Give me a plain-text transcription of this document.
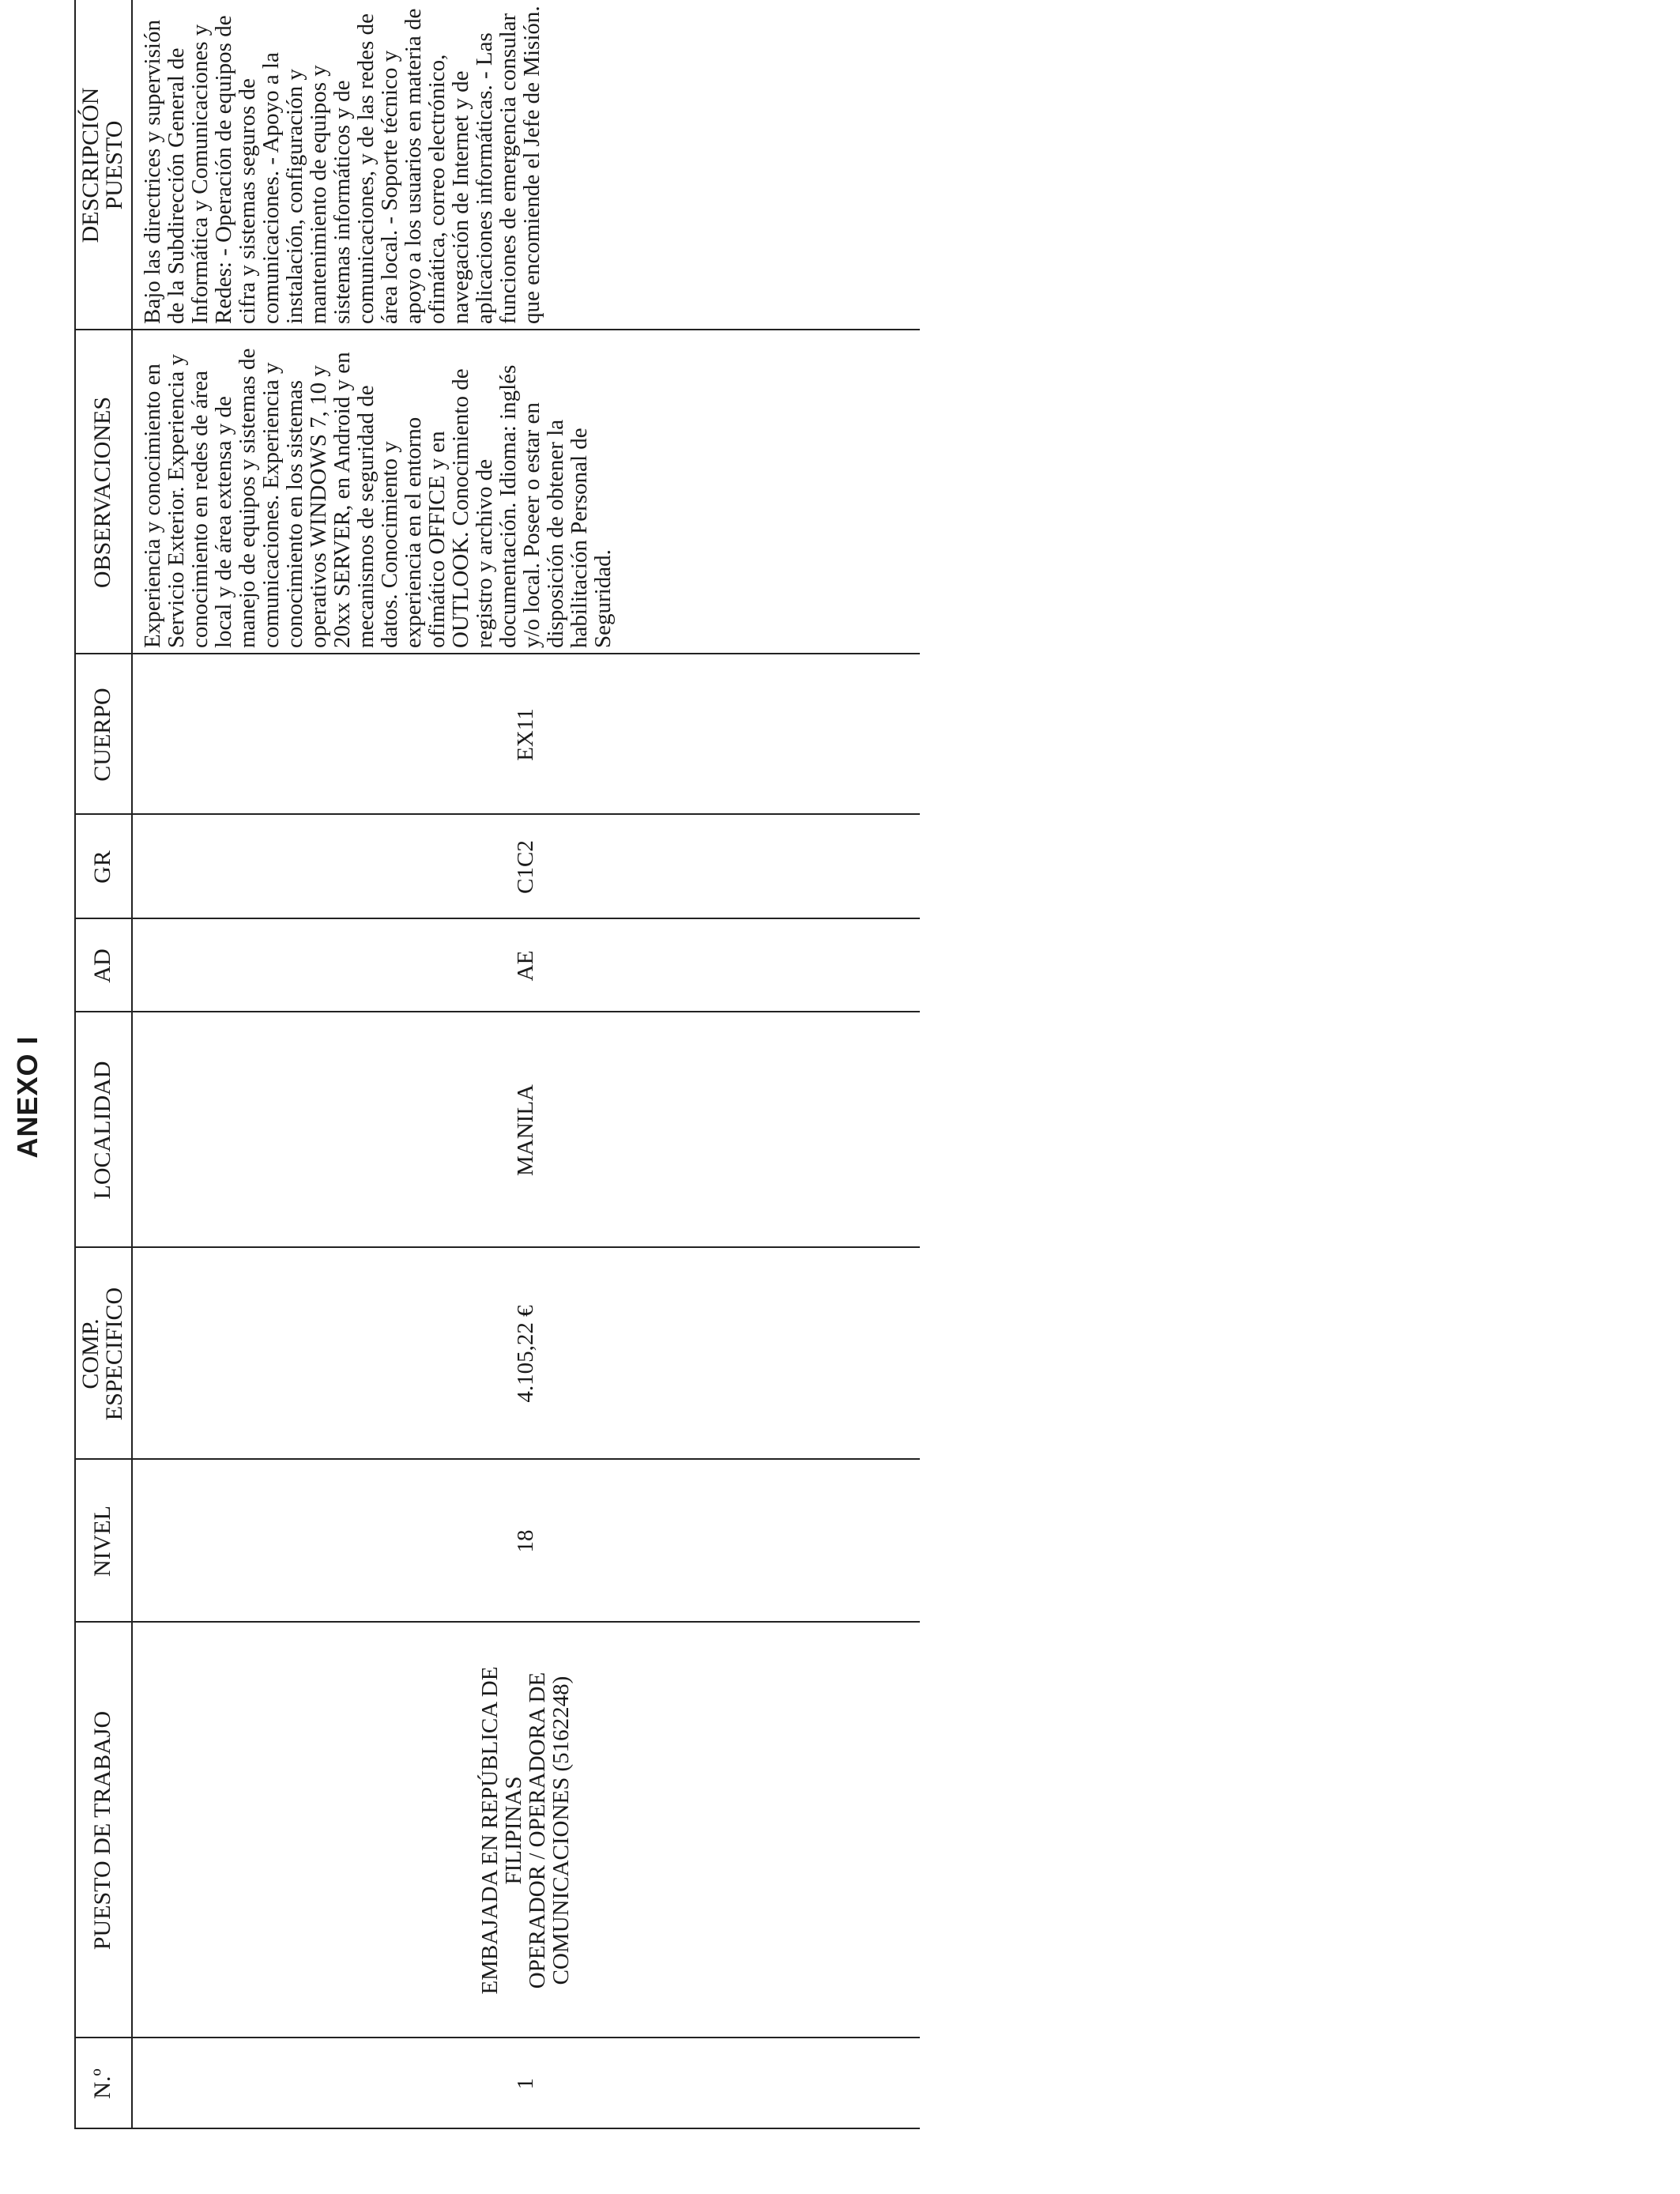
ANEXO I
N.º
PUESTO DE TRABAJO
NIVEL
COMP.
ESPECIFICO
LOCALIDAD
AD
GR
CUERPO
OBSERVACIONES
DESCRIPCIÓN
PUESTO
1
EMBAJADA EN REPÚBLICA DE
FILIPINAS
OPERADOR / OPERADORA DE
COMUNICACIONES (5162248)
18
4.105,22 €
MANILA
AE
C1C2
EX11
Experiencia y conocimiento en Servicio Exterior. Experiencia y conocimiento en redes de área local y de área extensa y de manejo de equipos y sistemas de comunicaciones. Experiencia y conocimiento en los sistemas operativos WINDOWS 7, 10 y 20xx SERVER, en Android y en mecanismos de seguridad de datos. Conocimiento y experiencia en el entorno ofimático OFFICE y en OUTLOOK. Conocimiento de registro y archivo de documentación. Idioma: inglés y/o local. Poseer o estar en disposición de obtener la habilitación Personal de Seguridad.
Bajo las directrices y supervisión de la Subdirección General de Informática y Comunicaciones y Redes: - Operación de equipos de cifra y sistemas seguros de comunicaciones. - Apoyo a la instalación, configuración y mantenimiento de equipos y sistemas informáticos y de comunicaciones, y de las redes de área local. - Soporte técnico y apoyo a los usuarios en materia de ofimática, correo electrónico, navegación de Internet y de aplicaciones informáticas. - Las funciones de emergencia consular que encomiende el Jefe de Misión.
